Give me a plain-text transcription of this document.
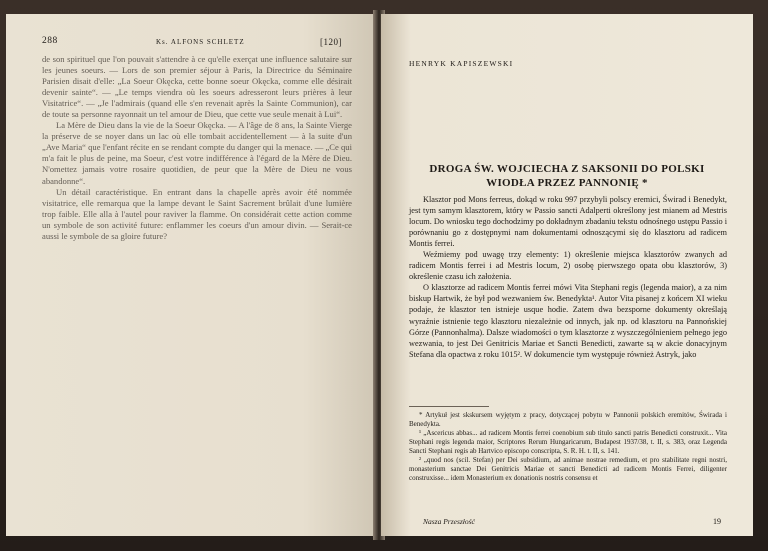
288	Ks. ALFONS SCHLETZ	[120]

de son spirituel que l'on pouvait s'attendre à ce qu'elle exerçat une influence salutaire sur les jeunes soeurs. — Lors de son premier séjour à Paris, la Directrice du Séminaire Parisien disait d'elle: „La Soeur Okęcka, cette bonne soeur Okęcka, comme elle désirait devenir sainte“. — „Le temps viendra où les soeurs adresseront leurs prières à leur Visitatrice“. — „Je l'admirais (quand elle s'en revenait après la Sainte Communion), car de toute sa personne rayonnait un tel amour de Dieu, que cette vue seule menait à Lui“.

La Mère de Dieu dans la vie de la Soeur Okęcka. — A l'âge de 8 ans, la Sainte Vierge la préserve de se noyer dans un lac où elle tombait accidentellement — à la suite d'un „Ave Maria“ que l'enfant récite en se rendant compte du danger qui la menace. — „Ce qui m'a fait le plus de peine, ma Soeur, c'est votre indifférence à l'égard de la Mère de Dieu. N'omettez jamais votre rosaire quotidien, de peur que la Mère de Dieu ne vous abandonne“.

Un détail caractéristique. En entrant dans la chapelle après avoir été nommée visitatrice, elle remarqua que la lampe devant le Saint Sacrement brûlait d'une lumière trop faible. Elle alla à l'autel pour raviver la flamme. On considérait cette action comme un symbole de son activité future: enflammer les coeurs d'un amour divin. — Serait-ce aussi le symbole de sa gloire future?

HENRYK KAPISZEWSKI
DROGA ŚW. WOJCIECHA Z SAKSONII DO POLSKI WIODŁA PRZEZ PANNONIĘ *

Klasztor pod Mons ferreus, dokąd w roku 997 przybyli polscy eremici, Świrad i Benedykt, jest tym samym klasztorem, który w Passio sancti Adalperti określony jest mianem ad Mestris locum. Do wniosku tego dochodzimy po dokładnym zbadaniu tekstu odnośnego ustępu Passio i porównaniu go z dostępnymi nam dokumentami odnoszącymi się do klasztoru ad radicem Montis ferrei.

Weźmiemy pod uwagę trzy elementy: 1) określenie miejsca klasztorów zwanych ad radicem Montis ferrei i ad Mestris locum, 2) osobę pierwszego opata obu klasztorów, 3) określenie czasu ich założenia.

O klasztorze ad radicem Montis ferrei mówi Vita Stephani regis (legenda maior), a za nim biskup Hartwik, że był pod wezwaniem św. Benedykta¹. Autor Vita pisanej z końcem XI wieku podaje, że klasztor ten istnieje usque hodie. Zatem dwa bezsporne dokumenty określają wyraźnie istnienie tego klasztoru niezależnie od innych, jak np. od klasztoru na Pannońskiej Górze (Pannonhalma). Dalsze wiadomości o tym klasztorze z wyszczególnieniem pełnego jego wezwania, to jest Dei Genitricis Mariae et Sancti Benedicti, zawarte są w akcie donacyjnym Stefana dla opactwa z roku 1015². W dokumencie tym występuje również Astryk, jako

* Artykuł jest skskursem wyjętym z pracy, dotyczącej pobytu w Pannonii polskich eremitów, Świrada i Benedykta.

¹ „Ascericus abbas... ad radicem Montis ferrei coenobium sub titulo sancti patris Benedicti construxit... Vita Stephani regis legenda maior, Scriptores Rerum Hungaricarum, Budapest 1937/38, t. II, s. 383, oraz Legenda Sancti Stephani regis ab Hartvico episcopo conscripta, S. R. H. t. II, s. 141.

² „quod nos (scil. Stefan) per Dei subsidium, ad animae nostrae remedium, et pro stabilitate regni nostri, monasterium sanctae Dei Genitricis Mariae et sancti Benedicti ad radicem Montis Ferrei, diligenter construxisse... idem Monasterium ex donationis nostris consensu et

Nasza Przeszłość	19
